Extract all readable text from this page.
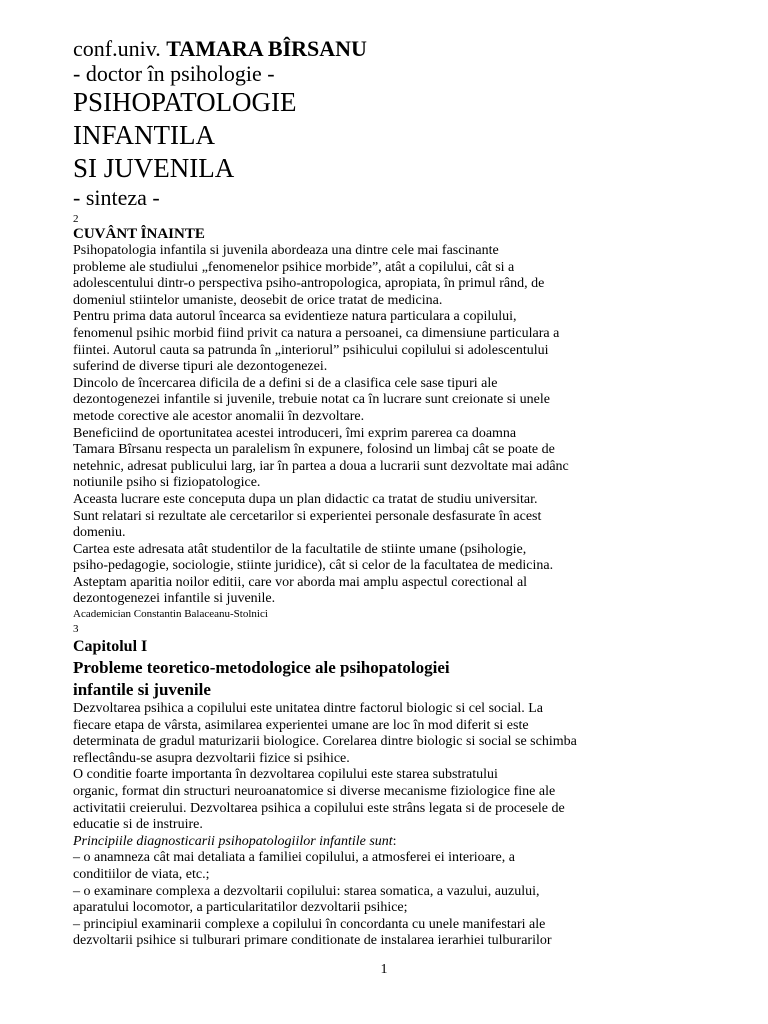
conf.univ. TAMARA BÎRSANU

- doctor în psihologie -

PSIHOPATOLOGIE

INFANTILA

SI JUVENILA

- sinteza -

2

CUVÂNT ÎNAINTE

Psihopatologia infantila si juvenila abordeaza una dintre cele mai fascinante
probleme ale studiului „fenomenelor psihice morbide”, atât a copilului, cât si a
adolescentului dintr-o perspectiva psiho-antropologica, apropiata, în primul rând, de
domeniul stiintelor umaniste, deosebit de orice tratat de medicina.

Pentru prima data autorul încearca sa evidentieze natura particulara a copilului,
fenomenul psihic morbid fiind privit ca natura a persoanei, ca dimensiune particulara a
fiintei. Autorul cauta sa patrunda în „interiorul” psihicului copilului si adolescentului
suferind de diverse tipuri ale dezontogenezei.

Dincolo de încercarea dificila de a defini si de a clasifica cele sase tipuri ale
dezontogenezei infantile si juvenile, trebuie notat ca în lucrare sunt creionate si unele
metode corective ale acestor anomalii în dezvoltare.

Beneficiind de oportunitatea acestei introduceri, îmi exprim parerea ca doamna
Tamara Bîrsanu respecta un paralelism în expunere, folosind un limbaj cât se poate de
netehnic, adresat publicului larg, iar în partea a doua a lucrarii sunt dezvoltate mai adânc
notiunile psiho si fiziopatologice.

Aceasta lucrare este conceputa dupa un plan didactic ca tratat de studiu universitar.
Sunt relatari si rezultate ale cercetarilor si experientei personale desfasurate în acest
domeniu.

Cartea este adresata atât studentilor de la facultatile de stiinte umane (psihologie,
psiho-pedagogie, sociologie, stiinte juridice), cât si celor de la facultatea de medicina.

Asteptam aparitia noilor editii, care vor aborda mai amplu aspectul corectional al
dezontogenezei infantile si juvenile.

Academician Constantin Balaceanu-Stolnici

3

Capitolul I

Probleme teoretico-metodologice ale psihopatologiei
infantile si juvenile

Dezvoltarea psihica a copilului este unitatea dintre factorul biologic si cel social. La
fiecare etapa de vârsta, asimilarea experientei umane are loc în mod diferit si este
determinata de gradul maturizarii biologice. Corelarea dintre biologic si social se schimba
reflectându-se asupra dezvoltarii fizice si psihice.

O conditie foarte importanta în dezvoltarea copilului este starea substratului
organic, format din structuri neuroanatomice si diverse mecanisme fiziologice fine ale
activitatii creierului. Dezvoltarea psihica a copilului este strâns legata si de procesele de
educatie si de instruire.

Principiile diagnosticarii psihopatologiilor infantile sunt:

– o anamneza cât mai detaliata a familiei copilului, a atmosferei ei interioare, a
conditiilor de viata, etc.;

– o examinare complexa a dezvoltarii copilului: starea somatica, a vazului, auzului,
aparatului locomotor, a particularitatilor dezvoltarii psihice;

– principiul examinarii complexe a copilului în concordanta cu unele manifestari ale
dezvoltarii psihice si tulburari primare conditionate de instalarea ierarhiei tulburarilor

1
